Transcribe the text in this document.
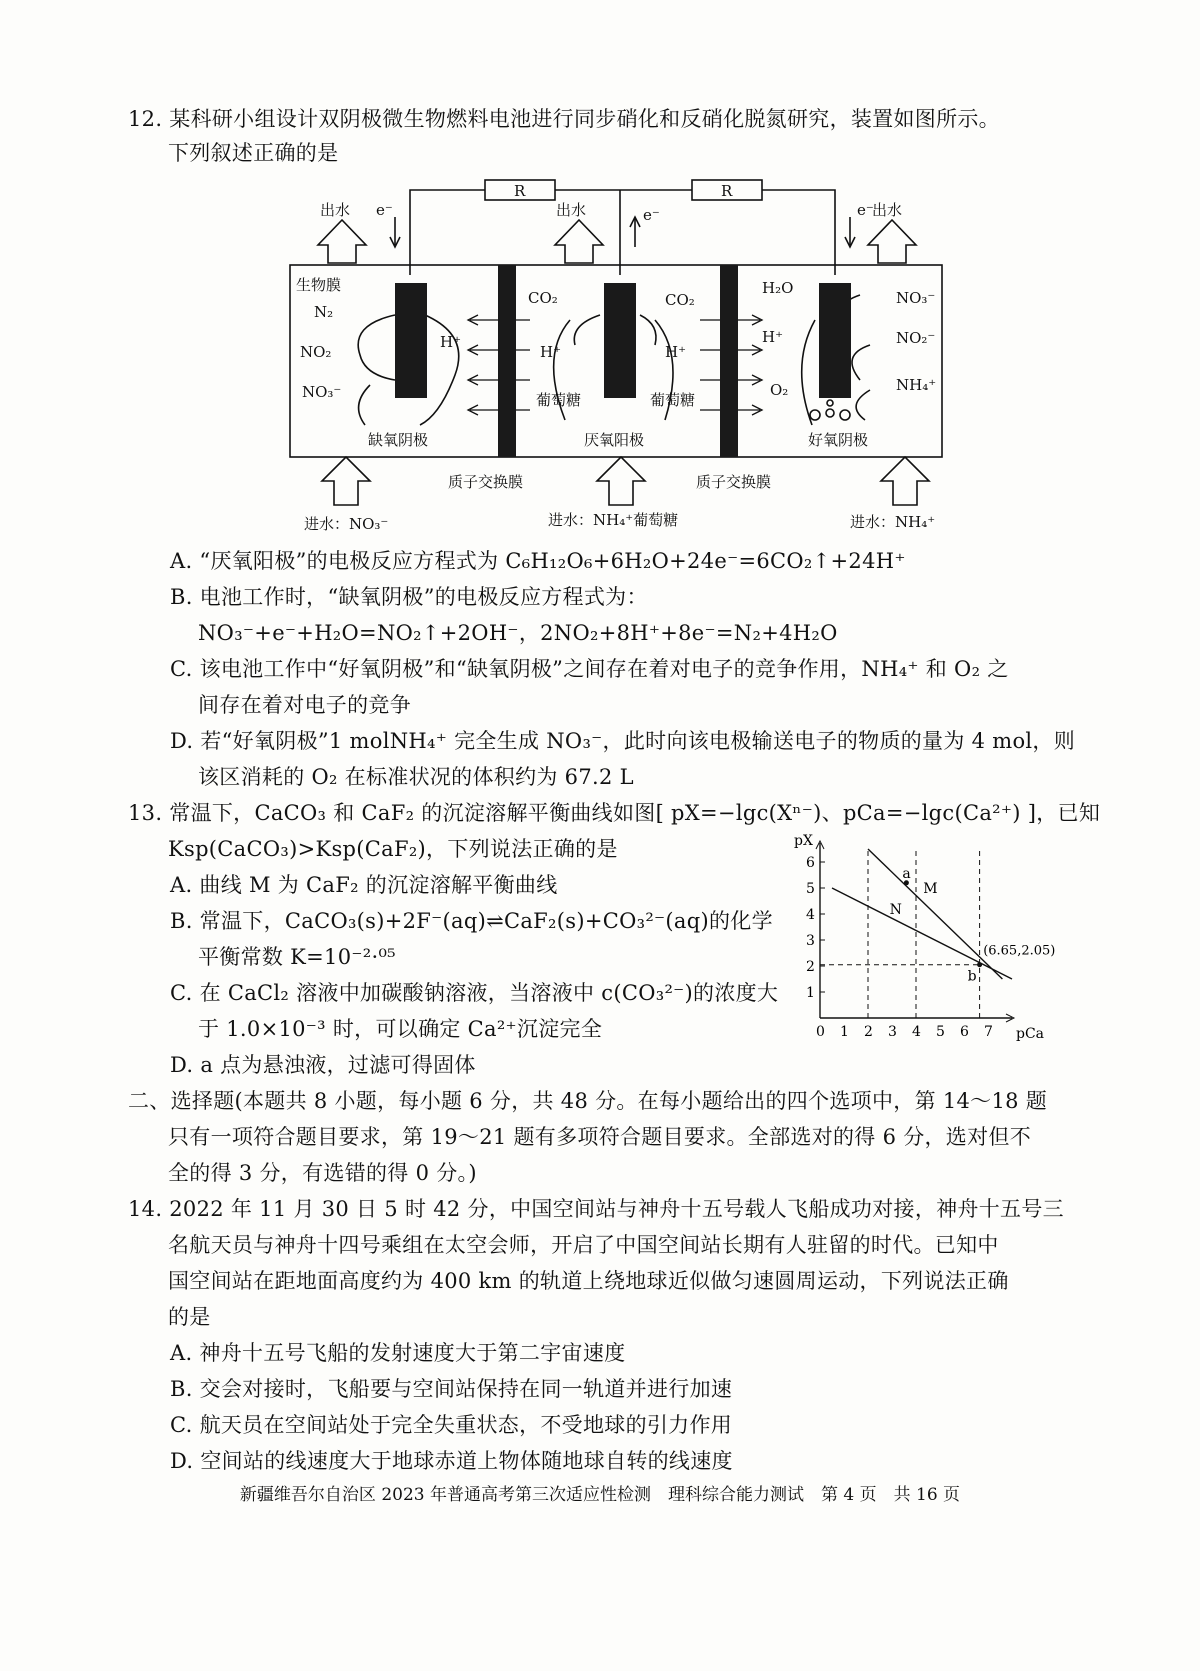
12. 某科研小组设计双阴极微生物燃料电池进行同步硝化和反硝化脱氮研究，装置如图所示。
下列叙述正确的是
R	R
出水	出水	出水
e⁻	e⁻	e⁻
生物膜
N₂
NO₂
NO₃⁻
H⁺
CO₂	CO₂
H⁺	H⁺
葡萄糖	葡萄糖
H₂O
H⁺
O₂
NO₃⁻
NO₂⁻
NH₄⁺
缺氧阴极	厌氧阳极	好氧阴极
质子交换膜	质子交换膜
进水：NO₃⁻	进水：NH₄⁺葡萄糖	进水：NH₄⁺
A. “厌氧阳极”的电极反应方程式为 C₆H₁₂O₆+6H₂O+24e⁻=6CO₂↑+24H⁺
B. 电池工作时，“缺氧阴极”的电极反应方程式为：
NO₃⁻+e⁻+H₂O=NO₂↑+2OH⁻，2NO₂+8H⁺+8e⁻=N₂+4H₂O
C. 该电池工作中“好氧阴极”和“缺氧阴极”之间存在着对电子的竞争作用，NH₄⁺ 和 O₂ 之
间存在着对电子的竞争
D. 若“好氧阴极”1 molNH₄⁺ 完全生成 NO₃⁻，此时向该电极输送电子的物质的量为 4 mol，则
该区消耗的 O₂ 在标准状况的体积约为 67.2 L
13. 常温下，CaCO₃ 和 CaF₂ 的沉淀溶解平衡曲线如图[ pX=−lgc(Xⁿ⁻)、pCa=−lgc(Ca²⁺) ]，已知
Ksp(CaCO₃)>Ksp(CaF₂)，下列说法正确的是
A. 曲线 M 为 CaF₂ 的沉淀溶解平衡曲线
B. 常温下，CaCO₃(s)+2F⁻(aq)⇌CaF₂(s)+CO₃²⁻(aq)的化学
平衡常数 K=10⁻²·⁰⁵
C. 在 CaCl₂ 溶液中加碳酸钠溶液，当溶液中 c(CO₃²⁻)的浓度大
于 1.0×10⁻³ 时，可以确定 Ca²⁺沉淀完全
D. a 点为悬浊液，过滤可得固体
0 1 2 3 4 5 6 7
1
2
3
4
5
6
pX
pCa
M
N
a
b
(6.65,2.05)
二、选择题(本题共 8 小题，每小题 6 分，共 48 分。在每小题给出的四个选项中，第 14～18 题
只有一项符合题目要求，第 19～21 题有多项符合题目要求。全部选对的得 6 分，选对但不
全的得 3 分，有选错的得 0 分。)
14. 2022 年 11 月 30 日 5 时 42 分，中国空间站与神舟十五号载人飞船成功对接，神舟十五号三
名航天员与神舟十四号乘组在太空会师，开启了中国空间站长期有人驻留的时代。已知中
国空间站在距地面高度约为 400 km 的轨道上绕地球近似做匀速圆周运动，下列说法正确
的是
A. 神舟十五号飞船的发射速度大于第二宇宙速度
B. 交会对接时，飞船要与空间站保持在同一轨道并进行加速
C. 航天员在空间站处于完全失重状态，不受地球的引力作用
D. 空间站的线速度大于地球赤道上物体随地球自转的线速度
新疆维吾尔自治区 2023 年普通高考第三次适应性检测　理科综合能力测试　第 4 页　共 16 页
